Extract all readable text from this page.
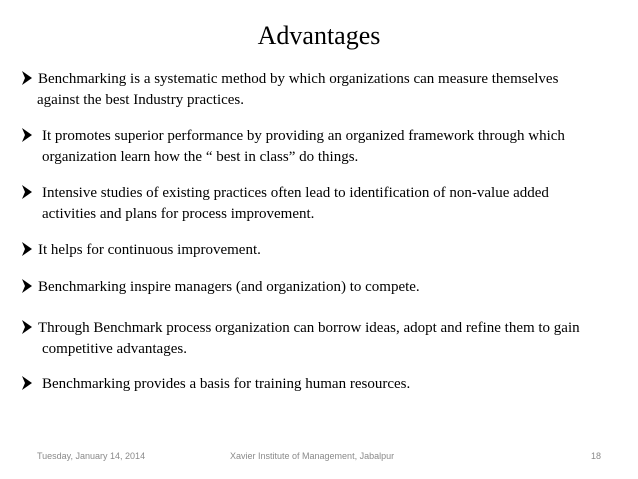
Advantages
Benchmarking is a systematic method by which organizations can measure themselves
against the best Industry practices.
It promotes superior performance by providing an organized framework through which
organization learn how the “ best in class” do things.
Intensive studies of existing practices often lead to identification of non-value added
activities and plans for process improvement.
It helps for continuous improvement.
Benchmarking inspire managers (and organization) to compete.
Through Benchmark process organization can borrow ideas, adopt and refine them to gain
competitive advantages.
Benchmarking provides a basis for training human resources.
Tuesday, January 14, 2014	Xavier Institute of Management, Jabalpur	18
